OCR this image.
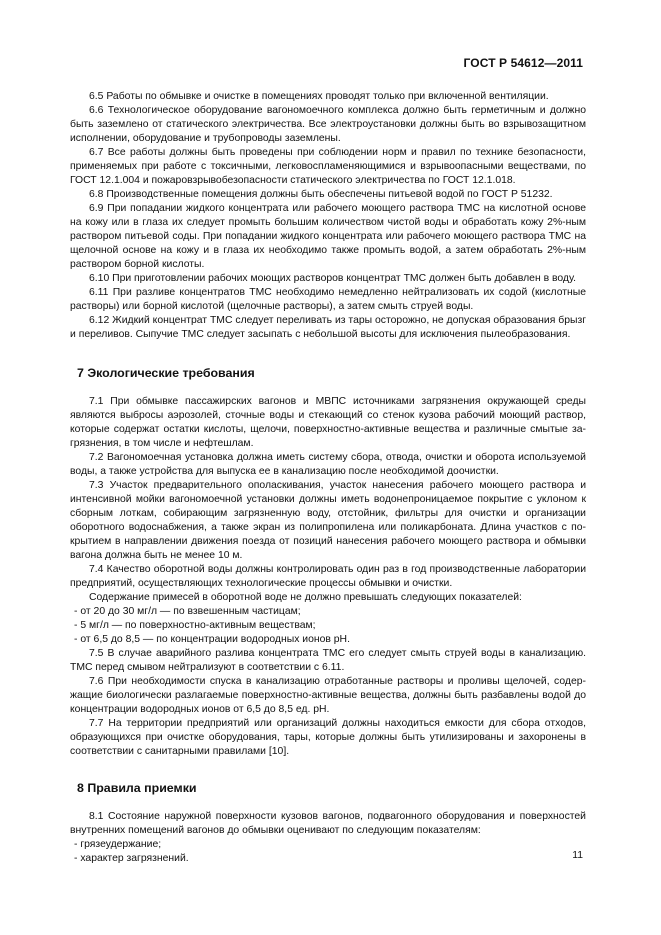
ГОСТ Р 54612—2011

6.5 Работы по обмывке и очистке в помещениях проводят только при включенной вентиляции.

6.6 Технологическое оборудование вагономоечного комплекса должно быть герметичным и должно быть заземлено от статического электричества. Все электроустановки должны быть во взрывозащитном исполнении, оборудование и трубопроводы заземлены.

6.7 Все работы должны быть проведены при соблюдении норм и правил по технике безопасности, применяемых при работе с токсичными, легковоспламеняющимися и взрывоопасными веществами, по ГОСТ 12.1.004 и пожаровзрывобезопасности статического электричества по ГОСТ 12.1.018.

6.8 Производственные помещения должны быть обеспечены питьевой водой по ГОСТ Р 51232.

6.9 При попадании жидкого концентрата или рабочего моющего раствора ТМС на кислотной основе на кожу или в глаза их следует промыть большим количеством чистой воды и обработать кожу 2%-ным раствором питьевой соды. При попадании жидкого концентрата или рабочего моющего раствора ТМС на щелочной основе на кожу и в глаза их необходимо также промыть водой, а затем обработать 2%-ным раствором борной кислоты.

6.10 При приготовлении рабочих моющих растворов концентрат ТМС должен быть добавлен в воду.

6.11 При разливе концентратов ТМС необходимо немедленно нейтрализовать их содой (кислотные растворы) или борной кислотой (щелочные растворы), а затем смыть струей воды.

6.12 Жидкий концентрат ТМС следует переливать из тары осторожно, не допуская образования брызг и переливов. Сыпучие ТМС следует засыпать с небольшой высоты для исключения пылеобразования.

7 Экологические требования

7.1 При обмывке пассажирских вагонов и МВПС источниками загрязнения окружающей среды являются выбросы аэрозолей, сточные воды и стекающий со стенок кузова рабочий моющий раствор, которые содержат остатки кислоты, щелочи, поверхностно-активные вещества и различные смытые загрязнения, в том числе и нефтешлам.

7.2 Вагономоечная установка должна иметь систему сбора, отвода, очистки и оборота используемой воды, а также устройства для выпуска ее в канализацию после необходимой доочистки.

7.3 Участок предварительного ополаскивания, участок нанесения рабочего моющего раствора и интенсивной мойки вагономоечной установки должны иметь водонепроницаемое покрытие с уклоном к сборным лоткам, собирающим загрязненную воду, отстойник, фильтры для очистки и организации оборотного водоснабжения, а также экран из полипропилена или поликарбоната. Длина участков с покрытием в направлении движения поезда от позиций нанесения рабочего моющего раствора и обмывки вагона должна быть не менее 10 м.

7.4 Качество оборотной воды должны контролировать один раз в год производственные лаборатории предприятий, осуществляющих технологические процессы обмывки и очистки.

Содержание примесей в оборотной воде не должно превышать следующих показателей:

- от 20 до 30 мг/л — по взвешенным частицам;

- 5 мг/л — по поверхностно-активным веществам;

- от 6,5 до 8,5 — по концентрации водородных ионов pH.

7.5 В случае аварийного разлива концентрата ТМС его следует смыть струей воды в канализацию. ТМС перед смывом нейтрализуют в соответствии с 6.11.

7.6 При необходимости спуска в канализацию отработанные растворы и проливы щелочей, содержащие биологически разлагаемые поверхностно-активные вещества, должны быть разбавлены водой до концентрации водородных ионов от 6,5 до 8,5 ед. pH.

7.7 На территории предприятий или организаций должны находиться емкости для сбора отходов, образующихся при очистке оборудования, тары, которые должны быть утилизированы и захоронены в соответствии с санитарными правилами [10].

8 Правила приемки

8.1 Состояние наружной поверхности кузовов вагонов, подвагонного оборудования и поверхностей внутренних помещений вагонов до обмывки оценивают по следующим показателям:

- грязеудержание;

- характер загрязнений.	11
